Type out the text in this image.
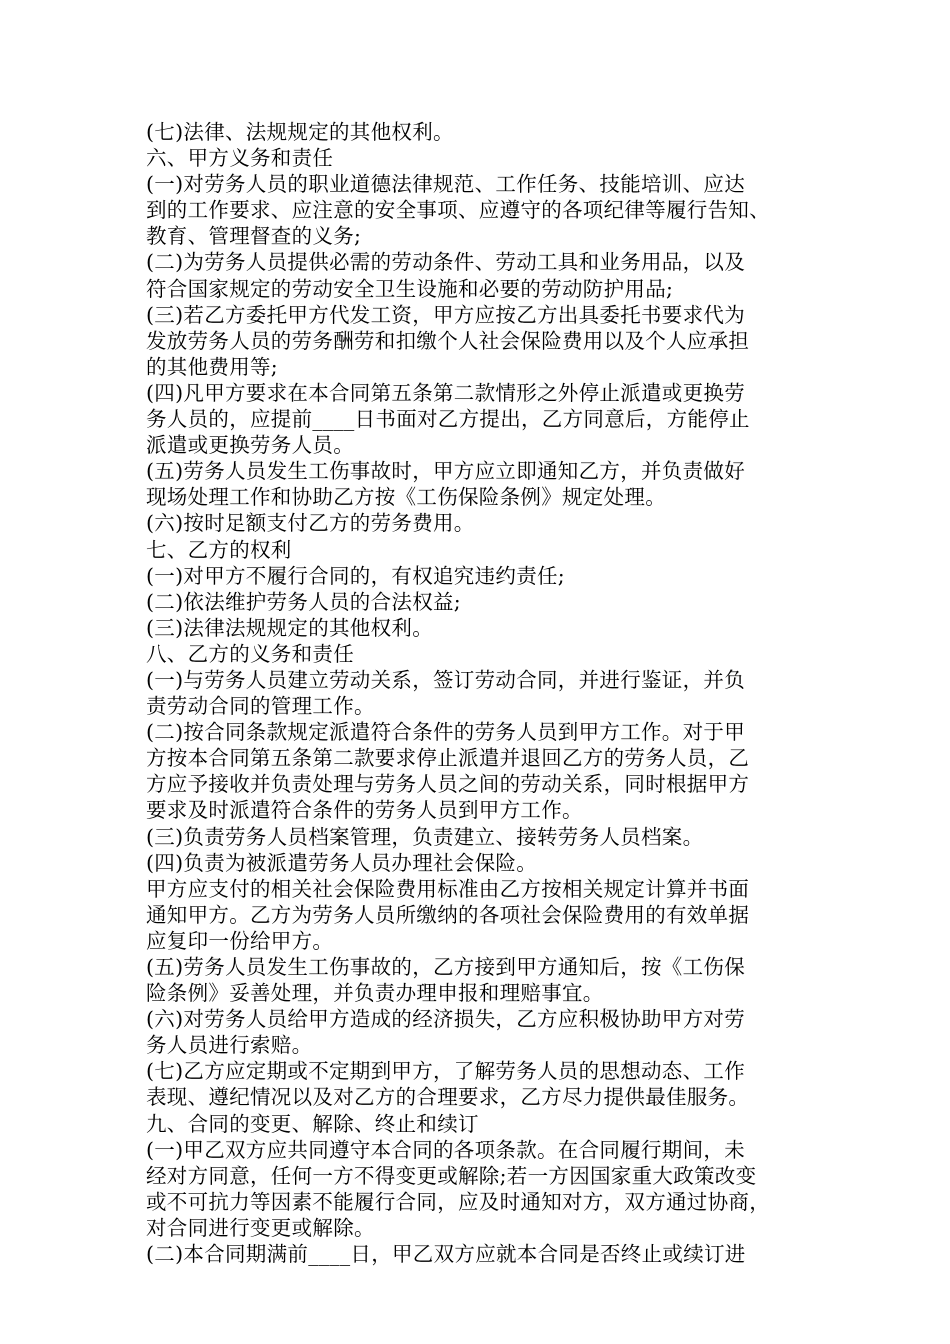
(七)法律、法规规定的其他权利。
六、甲方义务和责任
(一)对劳务人员的职业道德法律规范、工作任务、技能培训、应达
到的工作要求、应注意的安全事项、应遵守的各项纪律等履行告知、
教育、管理督查的义务;
(二)为劳务人员提供必需的劳动条件、劳动工具和业务用品，以及
符合国家规定的劳动安全卫生设施和必要的劳动防护用品;
(三)若乙方委托甲方代发工资，甲方应按乙方出具委托书要求代为
发放劳务人员的劳务酬劳和扣缴个人社会保险费用以及个人应承担
的其他费用等;
(四)凡甲方要求在本合同第五条第二款情形之外停止派遣或更换劳
务人员的，应提前____日书面对乙方提出，乙方同意后，方能停止
派遣或更换劳务人员。
(五)劳务人员发生工伤事故时，甲方应立即通知乙方，并负责做好
现场处理工作和协助乙方按《工伤保险条例》规定处理。
(六)按时足额支付乙方的劳务费用。
七、乙方的权利
(一)对甲方不履行合同的，有权追究违约责任;
(二)依法维护劳务人员的合法权益;
(三)法律法规规定的其他权利。
八、乙方的义务和责任
(一)与劳务人员建立劳动关系，签订劳动合同，并进行鉴证，并负
责劳动合同的管理工作。
(二)按合同条款规定派遣符合条件的劳务人员到甲方工作。对于甲
方按本合同第五条第二款要求停止派遣并退回乙方的劳务人员，乙
方应予接收并负责处理与劳务人员之间的劳动关系，同时根据甲方
要求及时派遣符合条件的劳务人员到甲方工作。
(三)负责劳务人员档案管理，负责建立、接转劳务人员档案。
(四)负责为被派遣劳务人员办理社会保险。
甲方应支付的相关社会保险费用标准由乙方按相关规定计算并书面
通知甲方。乙方为劳务人员所缴纳的各项社会保险费用的有效单据
应复印一份给甲方。
(五)劳务人员发生工伤事故的，乙方接到甲方通知后，按《工伤保
险条例》妥善处理，并负责办理申报和理赔事宜。
(六)对劳务人员给甲方造成的经济损失，乙方应积极协助甲方对劳
务人员进行索赔。
(七)乙方应定期或不定期到甲方，了解劳务人员的思想动态、工作
表现、遵纪情况以及对乙方的合理要求，乙方尽力提供最佳服务。
九、合同的变更、解除、终止和续订
(一)甲乙双方应共同遵守本合同的各项条款。在合同履行期间，未
经对方同意，任何一方不得变更或解除;若一方因国家重大政策改变
或不可抗力等因素不能履行合同，应及时通知对方，双方通过协商，
对合同进行变更或解除。
(二)本合同期满前____日，甲乙双方应就本合同是否终止或续订进
